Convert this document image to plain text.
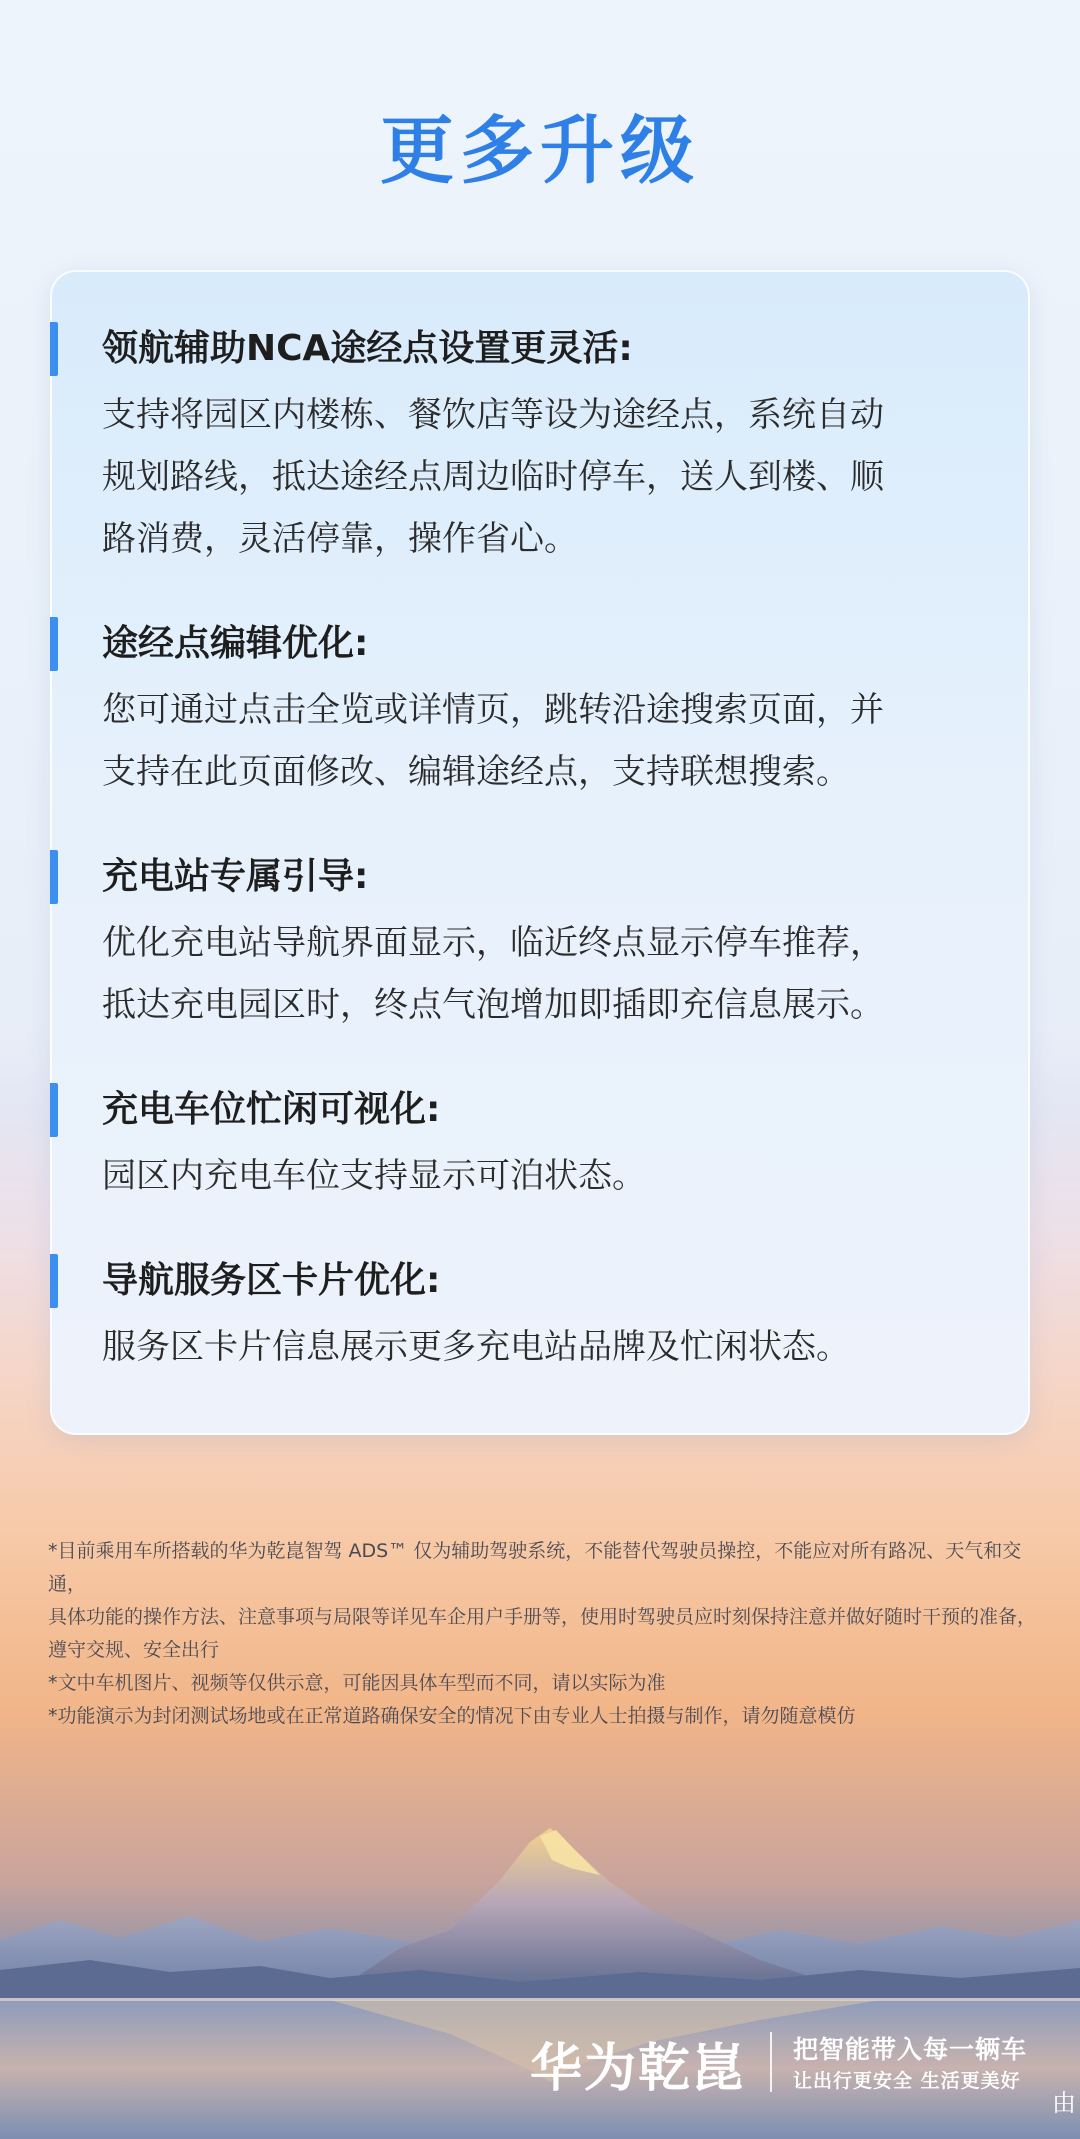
更多升级
领航辅助NCA途经点设置更灵活:
支持将园区内楼栋、餐饮店等设为途经点，系统自动
规划路线，抵达途经点周边临时停车，送人到楼、顺
路消费，灵活停靠，操作省心。
途经点编辑优化:
您可通过点击全览或详情页，跳转沿途搜索页面，并
支持在此页面修改、编辑途经点，支持联想搜索。
充电站专属引导:
优化充电站导航界面显示，临近终点显示停车推荐，
抵达充电园区时，终点气泡增加即插即充信息展示。
充电车位忙闲可视化:
园区内充电车位支持显示可泊状态。
导航服务区卡片优化:
服务区卡片信息展示更多充电站品牌及忙闲状态。
*目前乘用车所搭载的华为乾崑智驾 ADS™ 仅为辅助驾驶系统，不能替代驾驶员操控，不能应对所有路况、天气和交通，
具体功能的操作方法、注意事项与局限等详见车企用户手册等，使用时驾驶员应时刻保持注意并做好随时干预的准备，
遵守交规、安全出行
*文中车机图片、视频等仅供示意，可能因具体车型而不同，请以实际为准
*功能演示为封闭测试场地或在正常道路确保安全的情况下由专业人士拍摄与制作，请勿随意模仿
华为乾崑 把智能带入每一辆车
让出行更安全 生活更美好
由
